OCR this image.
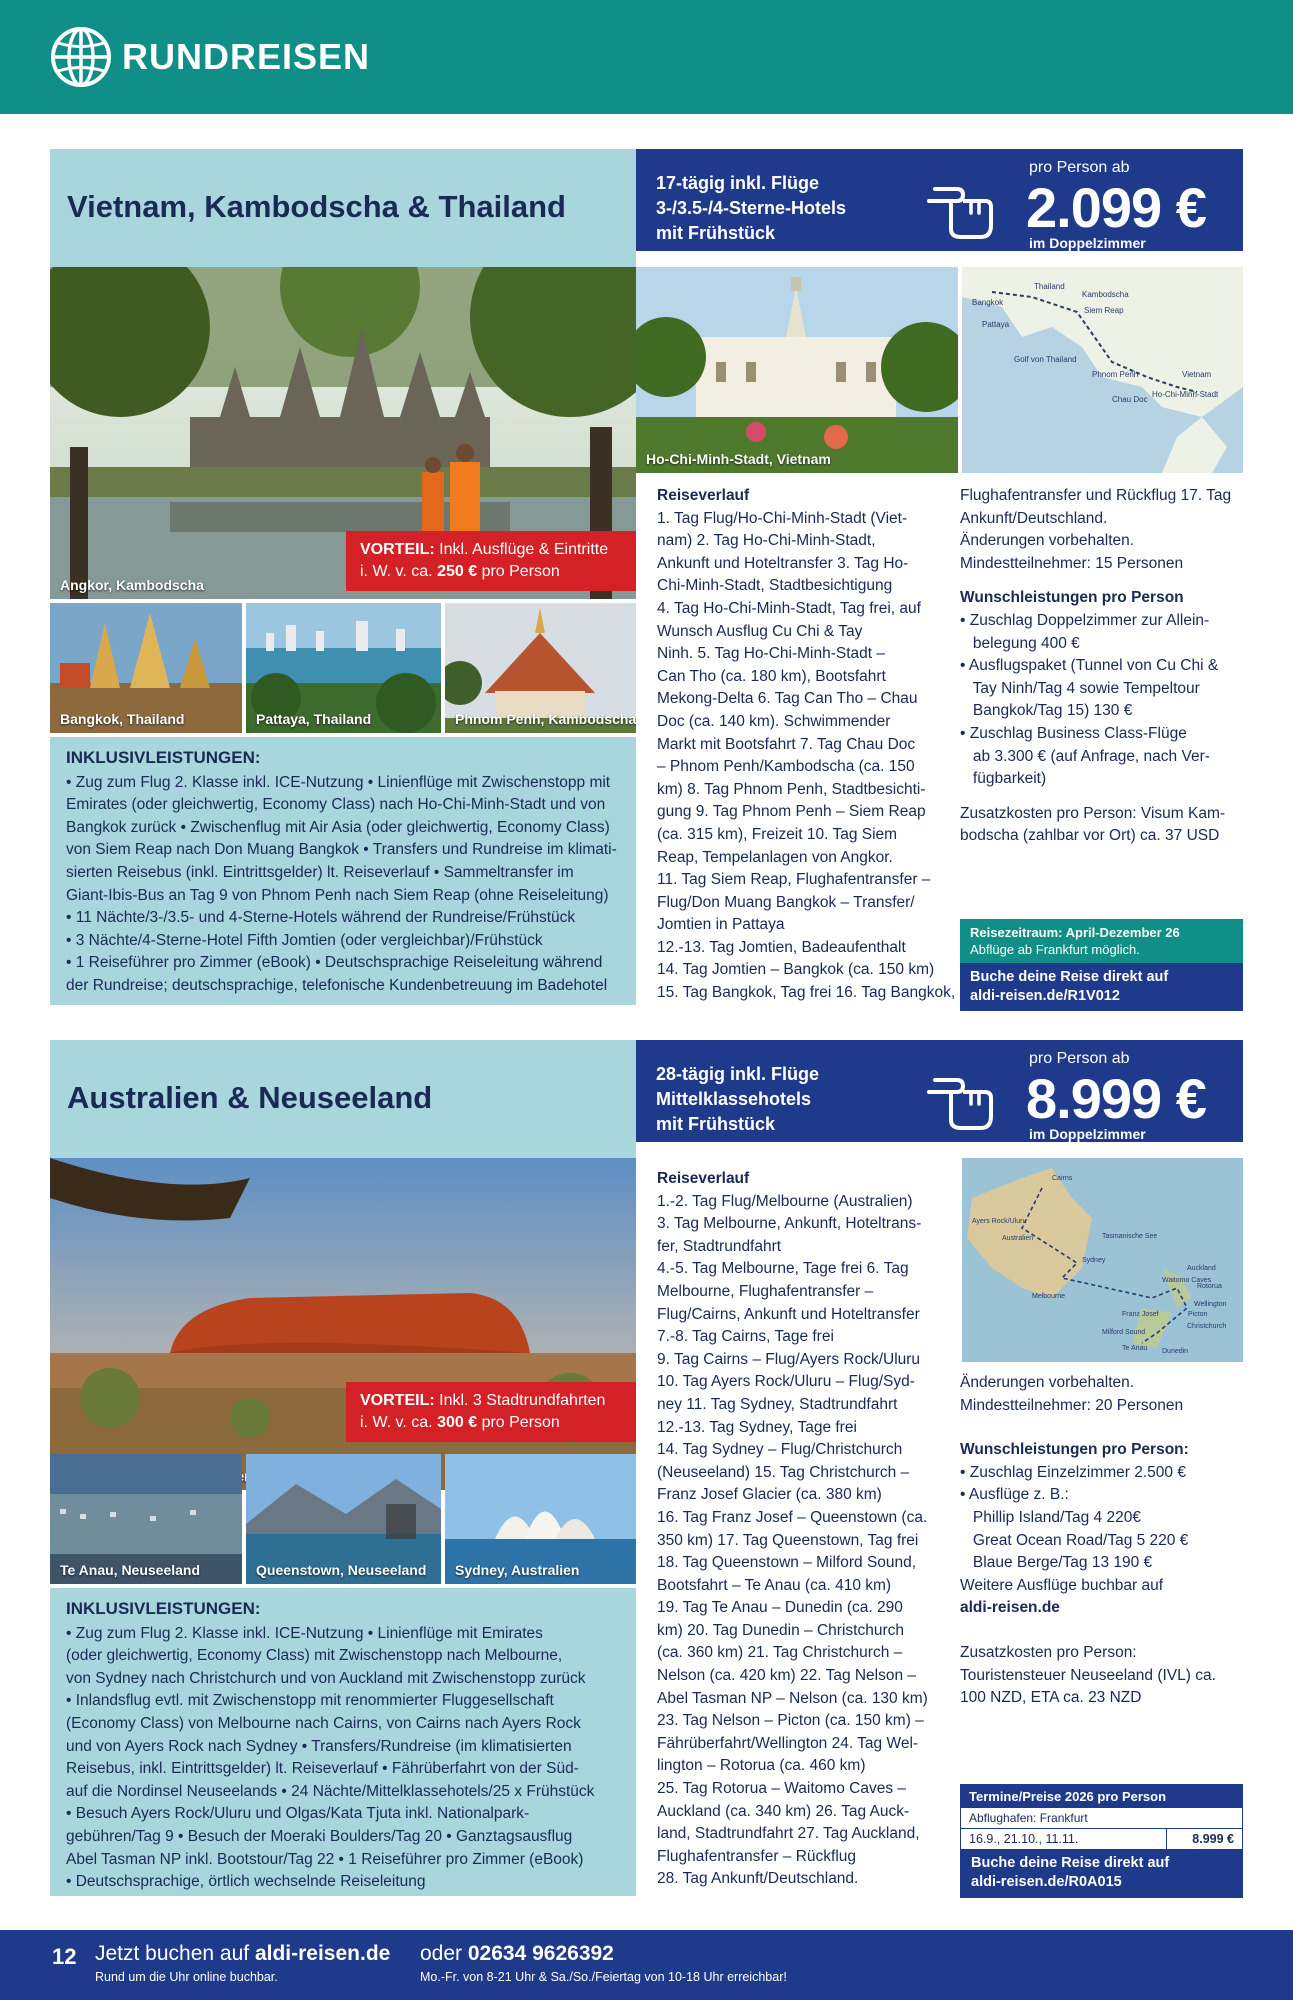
RUNDREISEN
Vietnam, Kambodscha & Thailand
17-tägig inkl. Flüge
3-/3.5-/4-Sterne-Hotels
mit Frühstück
pro Person ab
2.099 €
im Doppelzimmer
Angkor, Kambodscha
VORTEIL: Inkl. Ausflüge & Eintritte
i. W. v. ca. 250 € pro Person
Bangkok, Thailand	Pattaya, Thailand	Phnom Penh, Kambodscha
INKLUSIVLEISTUNGEN:
• Zug zum Flug 2. Klasse inkl. ICE-Nutzung • Linienflüge mit Zwischenstopp mit
Emirates (oder gleichwertig, Economy Class) nach Ho-Chi-Minh-Stadt und von
Bangkok zurück • Zwischenflug mit Air Asia (oder gleichwertig, Economy Class)
von Siem Reap nach Don Muang Bangkok • Transfers und Rundreise im klimati-
sierten Reisebus (inkl. Eintrittsgelder) lt. Reiseverlauf • Sammeltransfer im
Giant-Ibis-Bus an Tag 9 von Phnom Penh nach Siem Reap (ohne Reiseleitung)
• 11 Nächte/3-/3.5- und 4-Sterne-Hotels während der Rundreise/Frühstück
• 3 Nächte/4-Sterne-Hotel Fifth Jomtien (oder vergleichbar)/Frühstück
• 1 Reiseführer pro Zimmer (eBook) • Deutschsprachige Reiseleitung während
der Rundreise; deutschsprachige, telefonische Kundenbetreuung im Badehotel
Ho-Chi-Minh-Stadt, Vietnam
Thailand
Kambodscha
Siem Reap
Golf von Thailand
Phnom Penh	Vietnam
Chau Doc
Ho-Chi-Minh-Stadt
Bangkok
Pattaya
Reiseverlauf
1. Tag Flug/Ho-Chi-Minh-Stadt (Viet-
nam) 2. Tag Ho-Chi-Minh-Stadt,
Ankunft und Hoteltransfer 3. Tag Ho-
Chi-Minh-Stadt, Stadtbesichtigung
4. Tag Ho-Chi-Minh-Stadt, Tag frei, auf
Wunsch Ausflug Cu Chi & Tay
Ninh. 5. Tag Ho-Chi-Minh-Stadt –
Can Tho (ca. 180 km), Bootsfahrt
Mekong-Delta 6. Tag Can Tho – Chau
Doc (ca. 140 km). Schwimmender
Markt mit Bootsfahrt 7. Tag Chau Doc
– Phnom Penh/Kambodscha (ca. 150
km) 8. Tag Phnom Penh, Stadtbesichti-
gung 9. Tag Phnom Penh – Siem Reap
(ca. 315 km), Freizeit 10. Tag Siem
Reap, Tempelanlagen von Angkor.
11. Tag Siem Reap, Flughafentransfer –
Flug/Don Muang Bangkok – Transfer/
Jomtien in Pattaya
12.-13. Tag Jomtien, Badeaufenthalt
14. Tag Jomtien – Bangkok (ca. 150 km)
15. Tag Bangkok, Tag frei 16. Tag Bangkok,
Flughafentransfer und Rückflug 17. Tag
Ankunft/Deutschland.
Änderungen vorbehalten.
Mindestteilnehmer: 15 Personen
Wunschleistungen pro Person
• Zuschlag Doppelzimmer zur Allein-
belegung 400 €
• Ausflugspaket (Tunnel von Cu Chi &
Tay Ninh/Tag 4 sowie Tempeltour
Bangkok/Tag 15) 130 €
• Zuschlag Business Class-Flüge
ab 3.300 € (auf Anfrage, nach Ver-
fügbarkeit)
Zusatzkosten pro Person: Visum Kam-
bodscha (zahlbar vor Ort) ca. 37 USD
Reisezeitraum: April-Dezember 26
Abflüge ab Frankfurt möglich.
Buche deine Reise direkt auf
aldi-reisen.de/R1V012
Australien & Neuseeland
28-tägig inkl. Flüge
Mittelklassehotels
mit Frühstück
pro Person ab
8.999 €
im Doppelzimmer
VORTEIL: Inkl. 3 Stadtrundfahrten
i. W. v. ca. 300 € pro Person
Te Anau, Neuseeland	Queenstown, Neuseeland Sydney, Australien
INKLUSIVLEISTUNGEN:
• Zug zum Flug 2. Klasse inkl. ICE-Nutzung • Linienflüge mit Emirates
(oder gleichwertig, Economy Class) mit Zwischenstopp nach Melbourne,
von Sydney nach Christchurch und von Auckland mit Zwischenstopp zurück
• Inlandsflug evtl. mit Zwischenstopp mit renommierter Fluggesellschaft
(Economy Class) von Melbourne nach Cairns, von Cairns nach Ayers Rock
und von Ayers Rock nach Sydney • Transfers/Rundreise (im klimatisierten
Reisebus, inkl. Eintrittsgelder) lt. Reiseverlauf • Fährüberfahrt von der Süd-
auf die Nordinsel Neuseelands • 24 Nächte/Mittelklassehotels/25 x Frühstück
• Besuch Ayers Rock/Uluru und Olgas/Kata Tjuta inkl. Nationalpark-
gebühren/Tag 9 • Besuch der Moeraki Boulders/Tag 20 • Ganztagsausflug
Abel Tasman NP inkl. Bootstour/Tag 22 • 1 Reiseführer pro Zimmer (eBook)
• Deutschsprachige, örtlich wechselnde Reiseleitung
Cairns
Ayers Rock/Uluru
Australien
Sydney
Melbourne
Tasmanische See
Auckland
Waitomo Caves
Rotorua
Wellington
Picton
Christchurch
Dunedin
Te Anau
Milford Sound
Franz Josef
Reiseverlauf
1.-2. Tag Flug/Melbourne (Australien)
3. Tag Melbourne, Ankunft, Hoteltrans-
fer, Stadtrundfahrt
4.-5. Tag Melbourne, Tage frei 6. Tag
Melbourne, Flughafentransfer –
Flug/Cairns, Ankunft und Hoteltransfer
7.-8. Tag Cairns, Tage frei
9. Tag Cairns – Flug/Ayers Rock/Uluru
10. Tag Ayers Rock/Uluru – Flug/Syd-
ney 11. Tag Sydney, Stadtrundfahrt
12.-13. Tag Sydney, Tage frei
14. Tag Sydney – Flug/Christchurch
(Neuseeland) 15. Tag Christchurch –
Franz Josef Glacier (ca. 380 km)
16. Tag Franz Josef – Queenstown (ca.
350 km) 17. Tag Queenstown, Tag frei
18. Tag Queenstown – Milford Sound,
Bootsfahrt – Te Anau (ca. 410 km)
19. Tag Te Anau – Dunedin (ca. 290
km) 20. Tag Dunedin – Christchurch
(ca. 360 km) 21. Tag Christchurch –
Nelson (ca. 420 km) 22. Tag Nelson –
Abel Tasman NP – Nelson (ca. 130 km)
23. Tag Nelson – Picton (ca. 150 km) –
Fährüberfahrt/Wellington 24. Tag Wel-
lington – Rotorua (ca. 460 km)
25. Tag Rotorua – Waitomo Caves –
Auckland (ca. 340 km) 26. Tag Auck-
land, Stadtrundfahrt 27. Tag Auckland,
Flughafentransfer – Rückflug
28. Tag Ankunft/Deutschland.
Änderungen vorbehalten.
Mindestteilnehmer: 20 Personen
Wunschleistungen pro Person:
• Zuschlag Einzelzimmer 2.500 €
• Ausflüge z. B.:
Phillip Island/Tag 4 220€
Great Ocean Road/Tag 5 220 €
Blaue Berge/Tag 13 190 €
Weitere Ausflüge buchbar auf
aldi-reisen.de
Zusatzkosten pro Person:
Touristensteuer Neuseeland (IVL) ca.
100 NZD, ETA ca. 23 NZD
Termine/Preise 2026 pro Person
Abflughafen: Frankfurt
16.9., 21.10., 11.11.	8.999 €
Buche deine Reise direkt auf
aldi-reisen.de/R0A015
12 Jetzt buchen auf aldi-reisen.de
Rund um die Uhr online buchbar.
oder 02634 9626392
Mo.-Fr. von 8-21 Uhr & Sa./So./Feiertag von 10-18 Uhr erreichbar!
